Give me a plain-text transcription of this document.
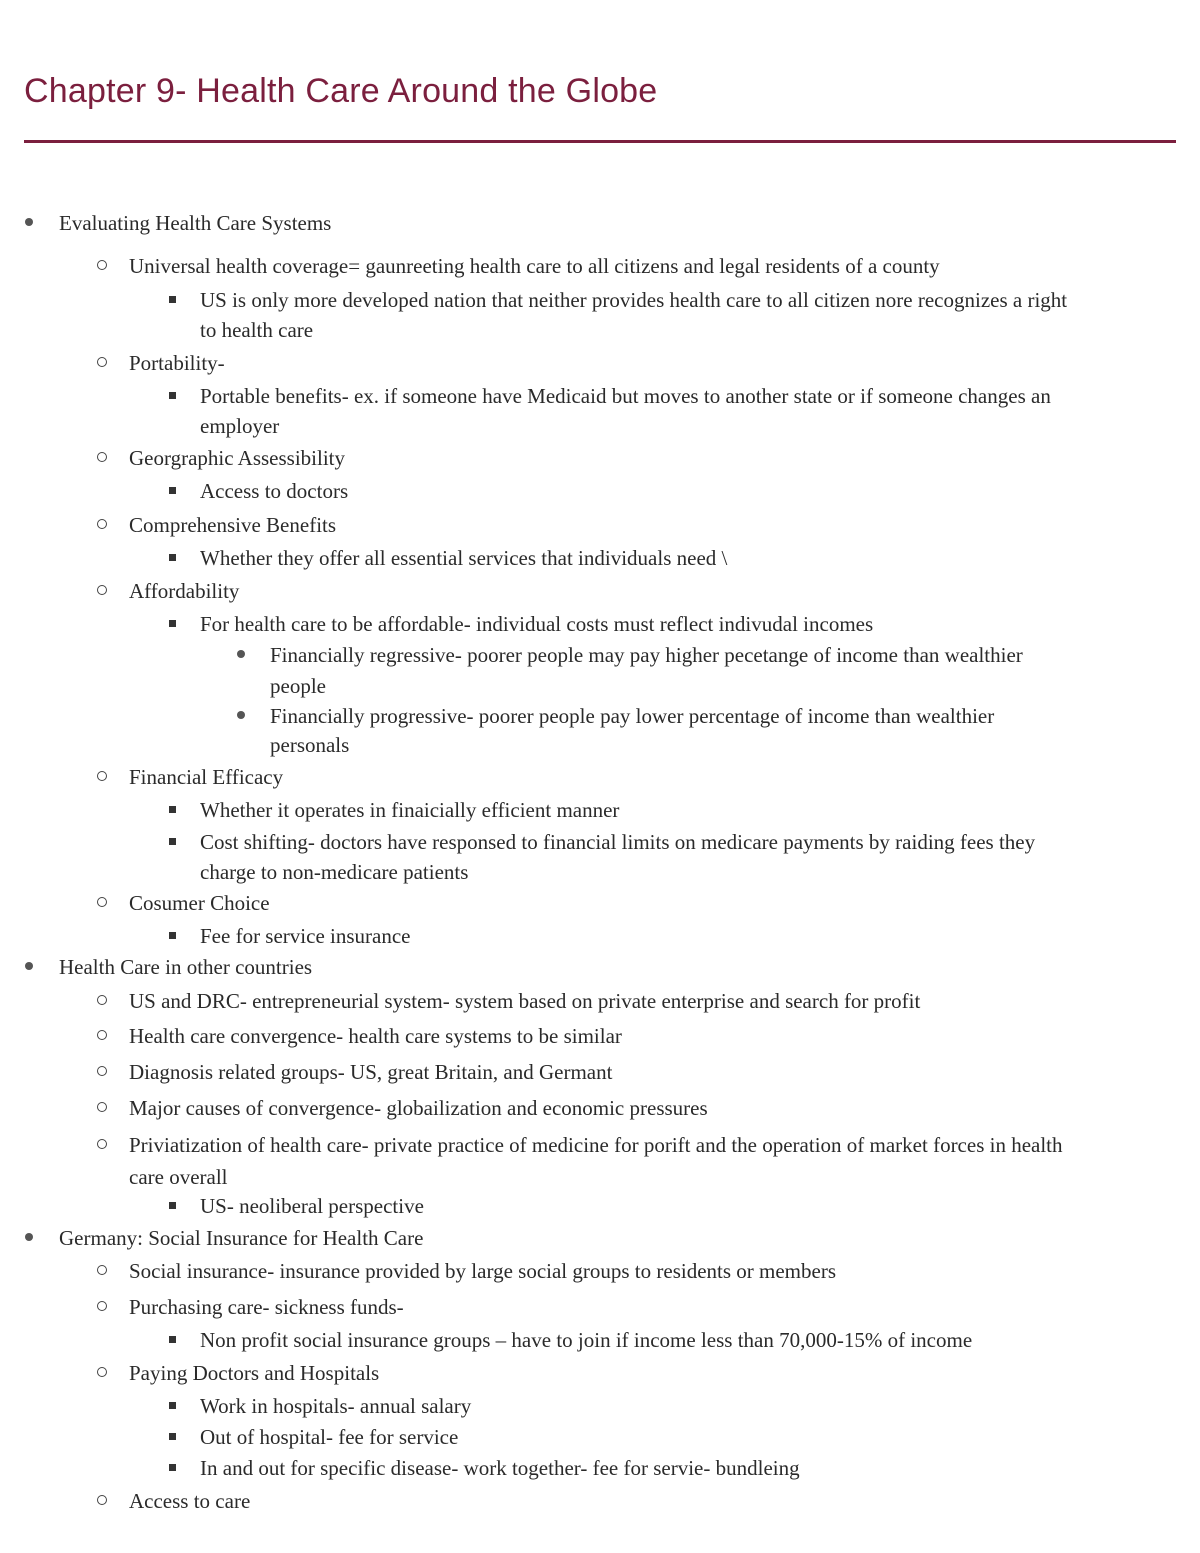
Chapter 9- Health Care Around the Globe
Evaluating Health Care Systems
Universal health coverage= gaunreeting health care to all citizens and legal residents of a county
US is only more developed nation that neither provides health care to all citizen nore recognizes a right
to health care
Portability-
Portable benefits- ex. if someone have Medicaid but moves to another state or if someone changes an
employer
Georgraphic Assessibility
Access to doctors
Comprehensive Benefits
Whether they offer all essential services that individuals need \
Affordability
For health care to be affordable- individual costs must reflect indivudal incomes
Financially regressive- poorer people may pay higher pecetange of income than wealthier
people
Financially progressive- poorer people pay lower percentage of income than wealthier
personals
Financial Efficacy
Whether it operates in finaicially efficient manner
Cost shifting- doctors have responsed to financial limits on medicare payments by raiding fees they
charge to non-medicare patients
Cosumer Choice
Fee for service insurance
Health Care in other countries
US and DRC- entrepreneurial system- system based on private enterprise and search for profit
Health care convergence- health care systems to be similar
Diagnosis related groups- US, great Britain, and Germant
Major causes of convergence- globailization and economic pressures
Priviatization of health care- private practice of medicine for porift and the operation of market forces in health
care overall
US- neoliberal perspective
Germany: Social Insurance for Health Care
Social insurance- insurance provided by large social groups to residents or members
Purchasing care- sickness funds-
Non profit social insurance groups – have to join if income less than 70,000-15% of income
Paying Doctors and Hospitals
Work in hospitals- annual salary
Out of hospital- fee for service
In and out for specific disease- work together- fee for servie- bundleing
Access to care
